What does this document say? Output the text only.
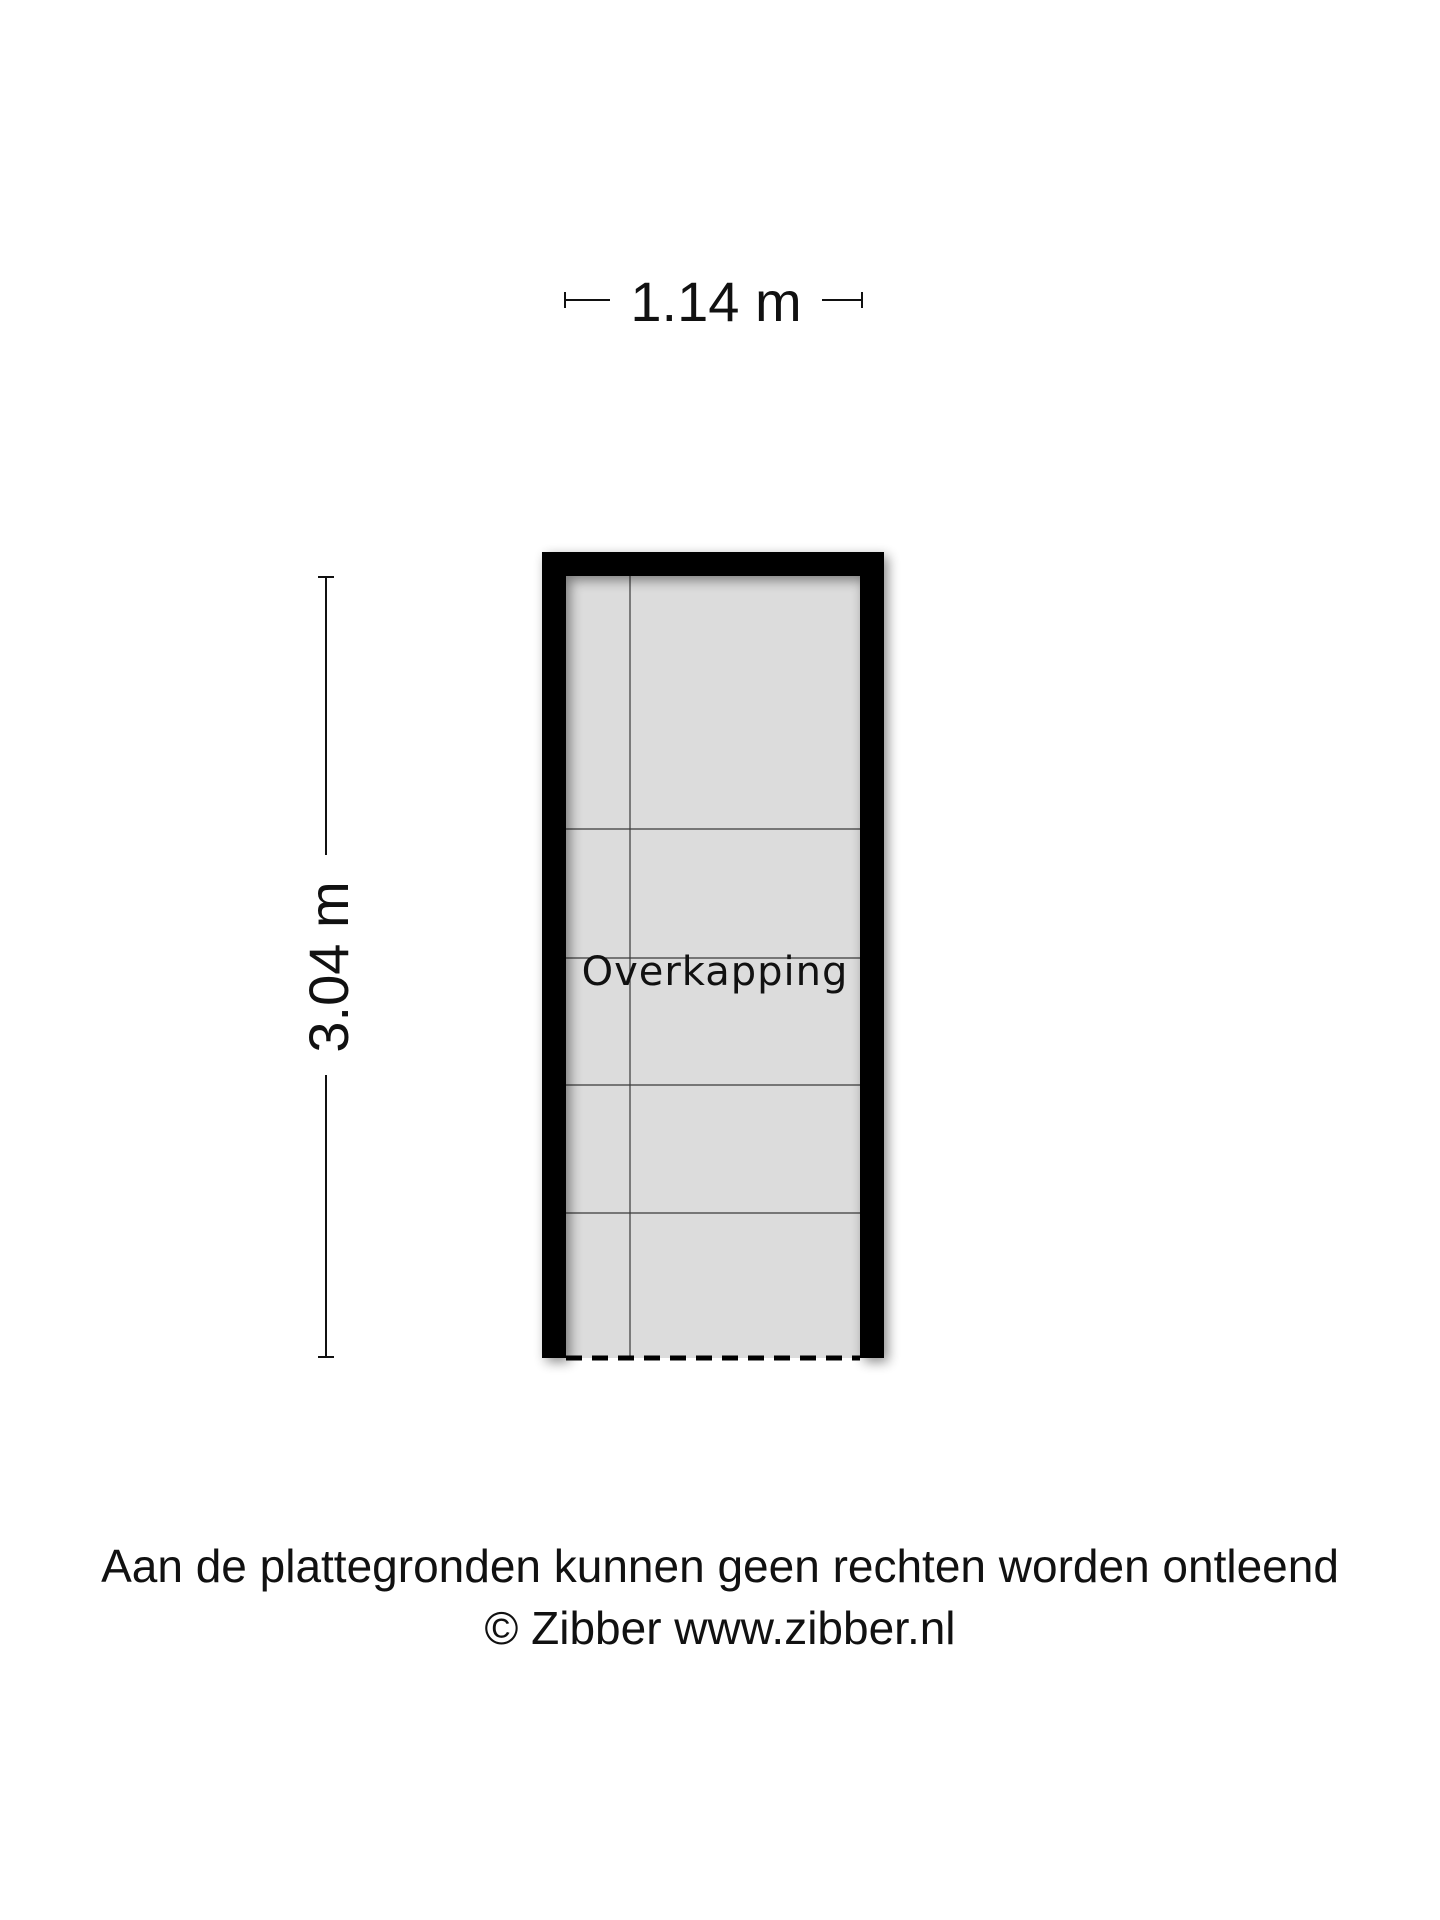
1.14 m
3.04 m	Overkapping
Aan de plattegronden kunnen geen rechten worden ontleend
© Zibber www.zibber.nl
